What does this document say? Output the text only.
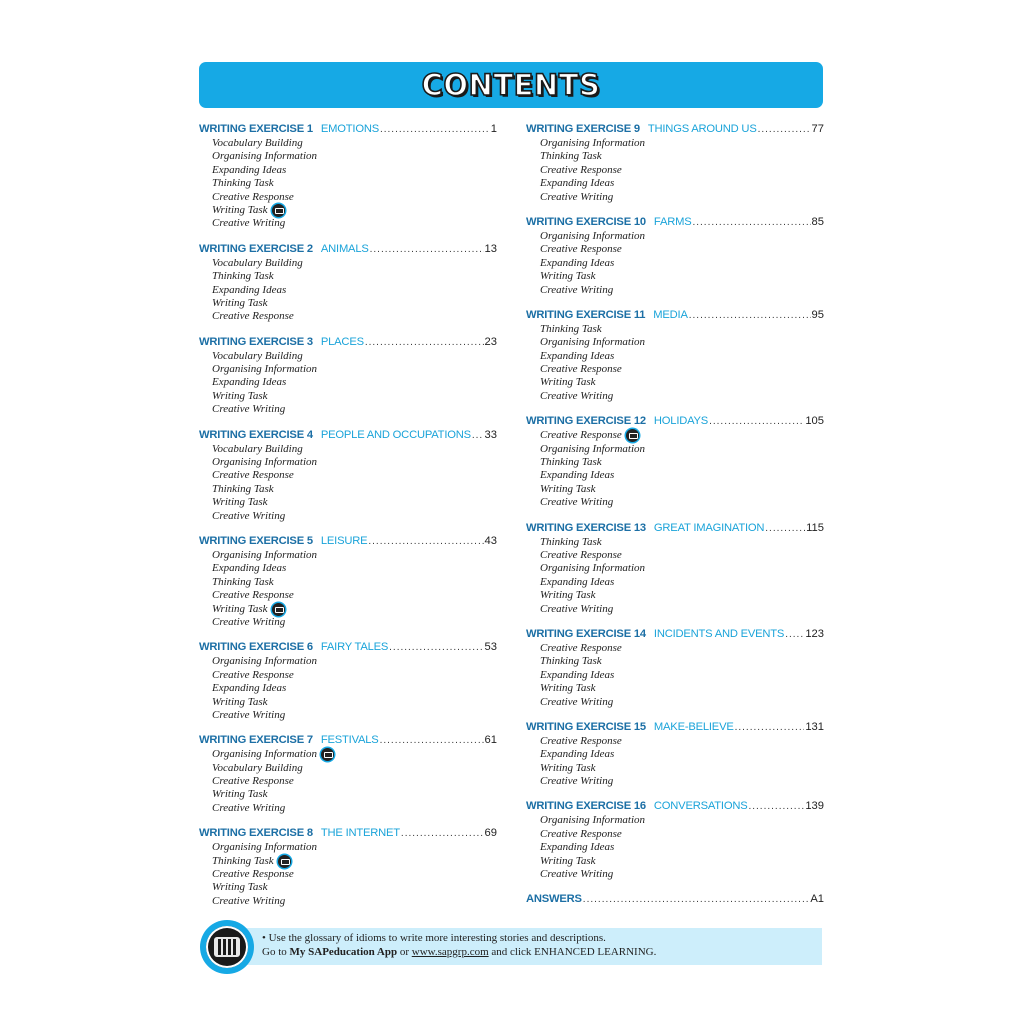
CONTENTS
WRITING EXERCISE 1 EMOTIONS .....	1
Vocabulary Building
Organising Information
Expanding Ideas
Thinking Task
Creative Response
Writing Task
Creative Writing
WRITING EXERCISE 2 ANIMALS .....	13
Vocabulary Building
Thinking Task
Expanding Ideas
Writing Task
Creative Response
WRITING EXERCISE 3 PLACES .....	23
Vocabulary Building
Organising Information
Expanding Ideas
Writing Task
Creative Writing
WRITING EXERCISE 4 PEOPLE AND OCCUPATIONS ..... 33
Vocabulary Building
Organising Information
Creative Response
Thinking Task
Writing Task
Creative Writing
WRITING EXERCISE 5 LEISURE .....	43
Organising Information
Expanding Ideas
Thinking Task
Creative Response
Writing Task
Creative Writing
WRITING EXERCISE 6 FAIRY TALES .....	53
Organising Information
Creative Response
Expanding Ideas
Writing Task
Creative Writing
WRITING EXERCISE 7 FESTIVALS .....	61
Organising Information
Vocabulary Building
Creative Response
Writing Task
Creative Writing
WRITING EXERCISE 8 THE INTERNET .....	69
Organising Information
Thinking Task
Creative Response
Writing Task
Creative Writing
WRITING EXERCISE 9 THINGS AROUND US .....	77
Organising Information
Thinking Task
Creative Response
Expanding Ideas
Creative Writing
WRITING EXERCISE 10 FARMS .....	85
Organising Information
Creative Response
Expanding Ideas
Writing Task
Creative Writing
WRITING EXERCISE 11 MEDIA .....	95
Thinking Task
Organising Information
Expanding Ideas
Creative Response
Writing Task
Creative Writing
WRITING EXERCISE 12 HOLIDAYS .....	105
Creative Response
Organising Information
Thinking Task
Expanding Ideas
Writing Task
Creative Writing
WRITING EXERCISE 13 GREAT IMAGINATION .....	115
Thinking Task
Creative Response
Organising Information
Expanding Ideas
Writing Task
Creative Writing
WRITING EXERCISE 14 INCIDENTS AND EVENTS ..... 123
Creative Response
Thinking Task
Expanding Ideas
Writing Task
Creative Writing
WRITING EXERCISE 15 MAKE-BELIEVE .....	131
Creative Response
Expanding Ideas
Writing Task
Creative Writing
WRITING EXERCISE 16 CONVERSATIONS .....	139
Organising Information
Creative Response
Expanding Ideas
Writing Task
Creative Writing
ANSWERS .....	A1
• Use the glossary of idioms to write more interesting stories and descriptions.
Go to My SAPeducation App or www.sapgrp.com and click ENHANCED LEARNING.
